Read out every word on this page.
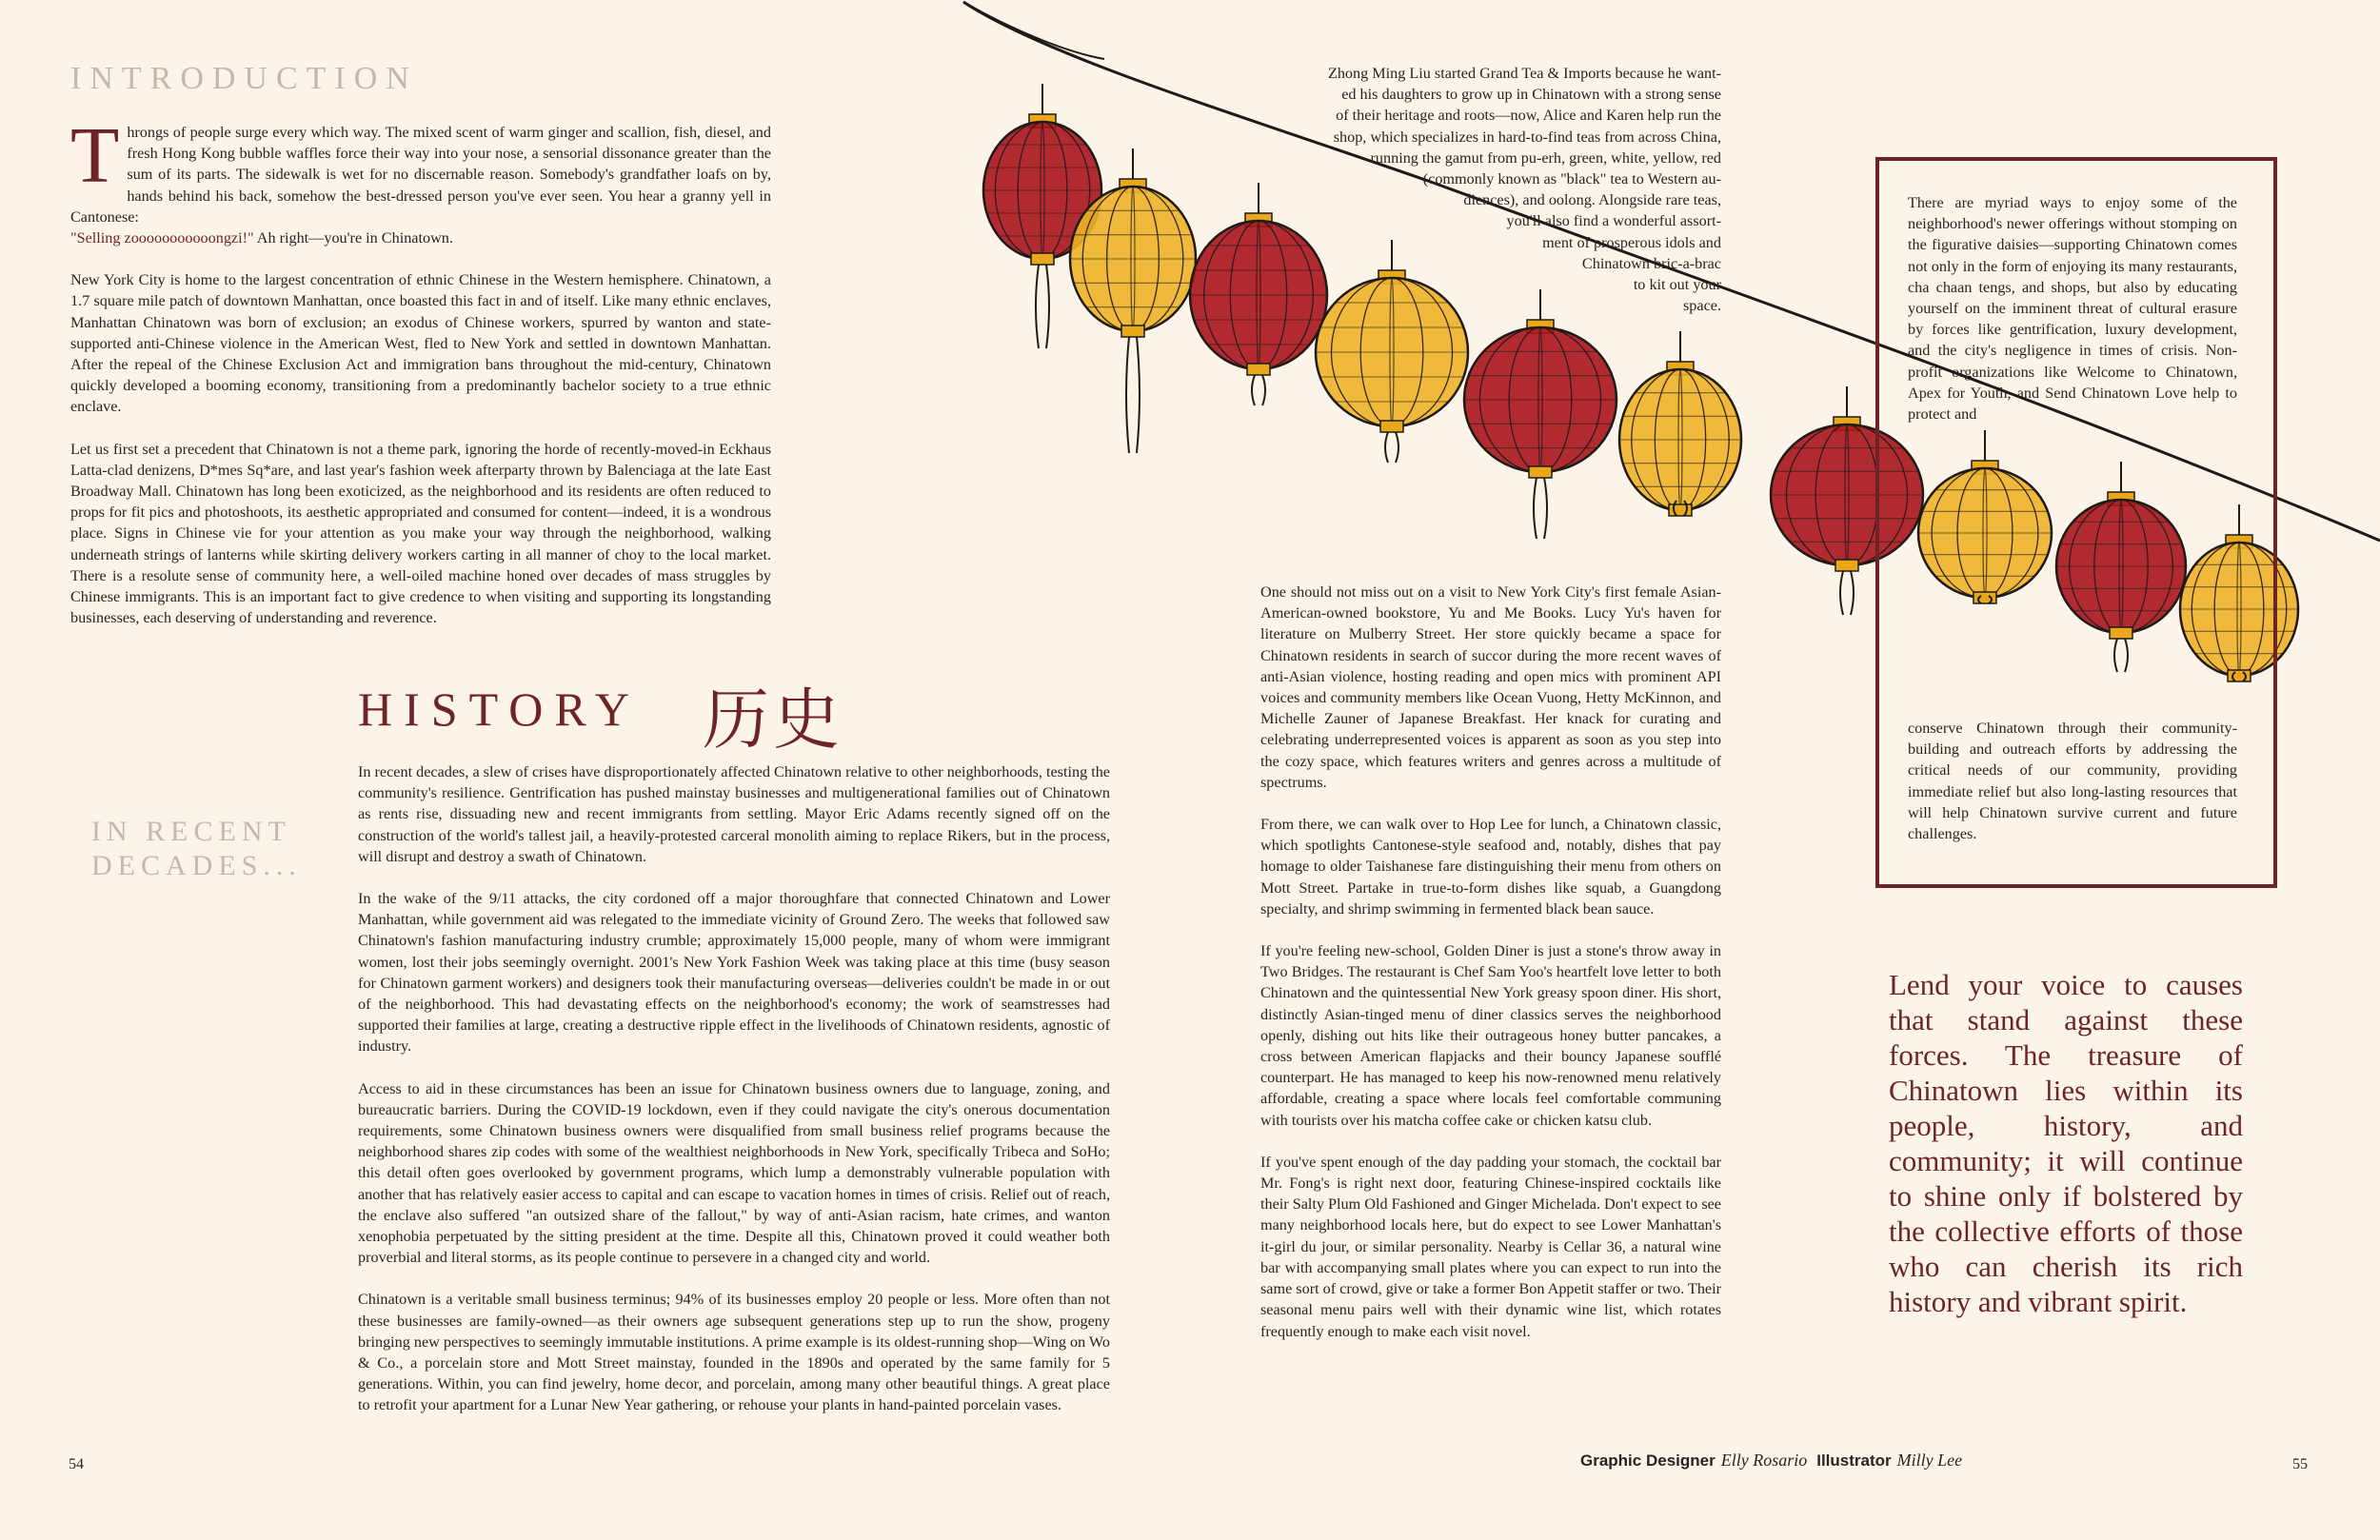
INTRODUCTION

Throngs of people surge every which way. The mixed scent of warm ginger and scallion, fish, diesel, and fresh Hong Kong bubble waffles force their way into your nose, a sensorial dissonance greater than the sum of its parts. The sidewalk is wet for no discernable reason. Somebody's grandfather loafs on by, hands behind his back, somehow the best-dressed person you've ever seen. You hear a granny yell in Cantonese:
"Selling zooooooooooongzi!" Ah right—you're in Chinatown.

New York City is home to the largest concentration of ethnic Chinese in the Western hemisphere. Chinatown, a 1.7 square mile patch of downtown Manhattan, once boasted this fact in and of itself. Like many ethnic enclaves, Manhattan Chinatown was born of exclusion; an exodus of Chinese workers, spurred by wanton and state-supported anti-Chinese violence in the American West, fled to New York and settled in downtown Manhattan. After the repeal of the Chinese Exclusion Act and immigration bans throughout the mid-century, Chinatown quickly developed a booming economy, transitioning from a predominantly bachelor society to a true ethnic enclave.

Let us first set a precedent that Chinatown is not a theme park, ignoring the horde of recently-moved-in Eckhaus Latta-clad denizens, D*mes Sq*are, and last year's fashion week afterparty thrown by Balenciaga at the late East Broadway Mall. Chinatown has long been exoticized, as the neighborhood and its residents are often reduced to props for fit pics and photoshoots, its aesthetic appropriated and consumed for content—indeed, it is a wondrous place. Signs in Chinese vie for your attention as you make your way through the neighborhood, walking underneath strings of lanterns while skirting delivery workers carting in all manner of choy to the local market. There is a resolute sense of community here, a well-oiled machine honed over decades of mass struggles by Chinese immigrants. This is an important fact to give credence to when visiting and supporting its longstanding businesses, each deserving of understanding and reverence.

HISTORY 历史
IN RECENT DECADES...

In recent decades, a slew of crises have disproportionately affected Chinatown relative to other neighborhoods, testing the community's resilience. Gentrification has pushed mainstay businesses and multigenerational families out of Chinatown as rents rise, dissuading new and recent immigrants from settling. Mayor Eric Adams recently signed off on the construction of the world's tallest jail, a heavily-protested carceral monolith aiming to replace Rikers, but in the process, will disrupt and destroy a swath of Chinatown.

In the wake of the 9/11 attacks, the city cordoned off a major thoroughfare that connected Chinatown and Lower Manhattan, while government aid was relegated to the immediate vicinity of Ground Zero. The weeks that followed saw Chinatown's fashion manufacturing industry crumble; approximately 15,000 people, many of whom were immigrant women, lost their jobs seemingly overnight. 2001's New York Fashion Week was taking place at this time (busy season for Chinatown garment workers) and designers took their manufacturing overseas—deliveries couldn't be made in or out of the neighborhood. This had devastating effects on the neighborhood's economy; the work of seamstresses had supported their families at large, creating a destructive ripple effect in the livelihoods of Chinatown residents, agnostic of industry.

Access to aid in these circumstances has been an issue for Chinatown business owners due to language, zoning, and bureaucratic barriers. During the COVID-19 lockdown, even if they could navigate the city's onerous documentation requirements, some Chinatown business owners were disqualified from small business relief programs because the neighborhood shares zip codes with some of the wealthiest neighborhoods in New York, specifically Tribeca and SoHo; this detail often goes overlooked by government programs, which lump a demonstrably vulnerable population with another that has relatively easier access to capital and can escape to vacation homes in times of crisis. Relief out of reach, the enclave also suffered "an outsized share of the fallout," by way of anti-Asian racism, hate crimes, and wanton xenophobia perpetuated by the sitting president at the time. Despite all this, Chinatown proved it could weather both proverbial and literal storms, as its people continue to persevere in a changed city and world.

Chinatown is a veritable small business terminus; 94% of its businesses employ 20 people or less. More often than not these businesses are family-owned—as their owners age subsequent generations step up to run the show, progeny bringing new perspectives to seemingly immutable institutions. A prime example is its oldest-running shop—Wing on Wo & Co., a porcelain store and Mott Street mainstay, founded in the 1890s and operated by the same family for 5 generations. Within, you can find jewelry, home decor, and porcelain, among many other beautiful things. A great place to retrofit your apartment for a Lunar New Year gathering, or rehouse your plants in hand-painted porcelain vases.

Zhong Ming Liu started Grand Tea & Imports because he want-
ed his daughters to grow up in Chinatown with a strong sense
of their heritage and roots—now, Alice and Karen help run the
shop, which specializes in hard-to-find teas from across China,
running the gamut from pu-erh, green, white, yellow, red
(commonly known as "black" tea to Western au-
diences), and oolong. Alongside rare teas,
you'll also find a wonderful assort-
ment of prosperous idols and
Chinatown bric-a-brac
to kit out your
space.

One should not miss out on a visit to New York City's first female Asian-American-owned bookstore, Yu and Me Books. Lucy Yu's haven for literature on Mulberry Street. Her store quickly became a space for Chinatown residents in search of succor during the more recent waves of anti-Asian violence, hosting reading and open mics with prominent API voices and community members like Ocean Vuong, Hetty McKinnon, and Michelle Zauner of Japanese Breakfast. Her knack for curating and celebrating underrepresented voices is apparent as soon as you step into the cozy space, which features writers and genres across a multitude of spectrums.

From there, we can walk over to Hop Lee for lunch, a Chinatown classic, which spotlights Cantonese-style seafood and, notably, dishes that pay homage to older Taishanese fare distinguishing their menu from others on Mott Street. Partake in true-to-form dishes like squab, a Guangdong specialty, and shrimp swimming in fermented black bean sauce.

If you're feeling new-school, Golden Diner is just a stone's throw away in Two Bridges. The restaurant is Chef Sam Yoo's heartfelt love letter to both Chinatown and the quintessential New York greasy spoon diner. His short, distinctly Asian-tinged menu of diner classics serves the neighborhood openly, dishing out hits like their outrageous honey butter pancakes, a cross between American flapjacks and their bouncy Japanese soufflé counterpart. He has managed to keep his now-renowned menu relatively affordable, creating a space where locals feel comfortable communing with tourists over his matcha coffee cake or chicken katsu club.

If you've spent enough of the day padding your stomach, the cocktail bar Mr. Fong's is right next door, featuring Chinese-inspired cocktails like their Salty Plum Old Fashioned and Ginger Michelada. Don't expect to see many neighborhood locals here, but do expect to see Lower Manhattan's it-girl du jour, or similar personality. Nearby is Cellar 36, a natural wine bar with accompanying small plates where you can expect to run into the same sort of crowd, give or take a former Bon Appetit staffer or two. Their seasonal menu pairs well with their dynamic wine list, which rotates frequently enough to make each visit novel.

There are myriad ways to enjoy some of the neighborhood's newer offerings without stomping on the figurative daisies—supporting Chinatown comes not only in the form of enjoying its many restaurants, cha chaan tengs, and shops, but also by educating yourself on the imminent threat of cultural erasure by forces like gentrification, luxury development, and the city's negligence in times of crisis. Non-profit organizations like Welcome to Chinatown, Apex for Youth, and Send Chinatown Love help to protect and
conserve Chinatown through their community-building and outreach efforts by addressing the critical needs of our community, providing immediate relief but also long-lasting resources that will help Chinatown survive current and future challenges.
Lend your voice to causes that stand against these forces. The treasure of Chinatown lies within its people, history, and community; it will continue to shine only if bolstered by the collective efforts of those who can cherish its rich history and vibrant spirit.
54	Graphic Designer Elly Rosario Illustrator Milly Lee	55
